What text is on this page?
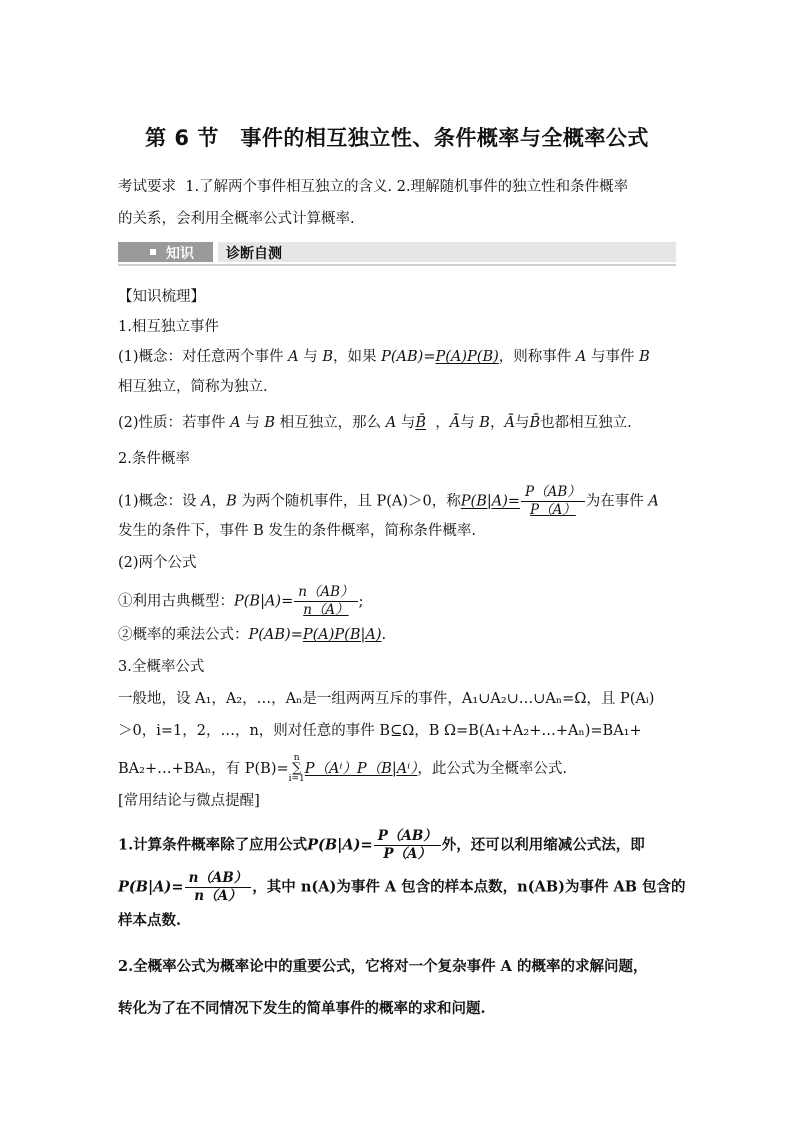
第 6 节　事件的相互独立性、条件概率与全概率公式
考试要求 1.了解两个事件相互独立的含义. 2.理解随机事件的独立性和条件概率
的关系，会利用全概率公式计算概率.
知识 诊断自测
【知识梳理】
1.相互独立事件
(1)概念：对任意两个事件 A 与 B，如果 P(AB)=P(A)P(B)，则称事件 A 与事件 B
相互独立，简称为独立.
(2)性质：若事件 A 与 B 相互独立，那么 A 与B̄  ，Ā与 B，Ā与B̄也都相互独立.
2.条件概率
(1)概念：设 A，B 为两个随机事件，且 P(A)＞0，称$P(B|A)= \frac{P(AB)}{P(A)}$ 为在事件 A
发生的条件下，事件 B 发生的条件概率，简称条件概率.
(2)两个公式
①利用古典概型：$P(B|A)= \frac{n(AB)}{n(A)}$ ;
②概率的乘法公式：P(AB)=P(A)P(B|A).
3.全概率公式
一般地，设 A₁，A₂，…，Aₙ是一组两两互斥的事件，A₁∪A₂∪…∪Aₙ=Ω，且 P(Aᵢ)
＞0，i=1，2，…，n，则对任意的事件 B⊆Ω，B Ω=B(A₁+A₂+…+Aₙ)=BA₁+
BA₂+…+BAₙ，有 P(B)=n
∑
i=1P（Aⁱ）P（B|Aⁱ），此公式为全概率公式.
[常用结论与微点提醒]
1.计算条件概率除了应用公式$P(B|A)= \frac{P(AB)}{P(A)}$ 外，还可以利用缩减公式法，即
$P(B|A)= \frac{n(AB)}{n(A)}$ ，其中 n(A)为事件 A 包含的样本点数，n(AB)为事件 AB 包含的
样本点数.
2.全概率公式为概率论中的重要公式，它将对一个复杂事件 A 的概率的求解问题，
转化为了在不同情况下发生的简单事件的概率的求和问题.
